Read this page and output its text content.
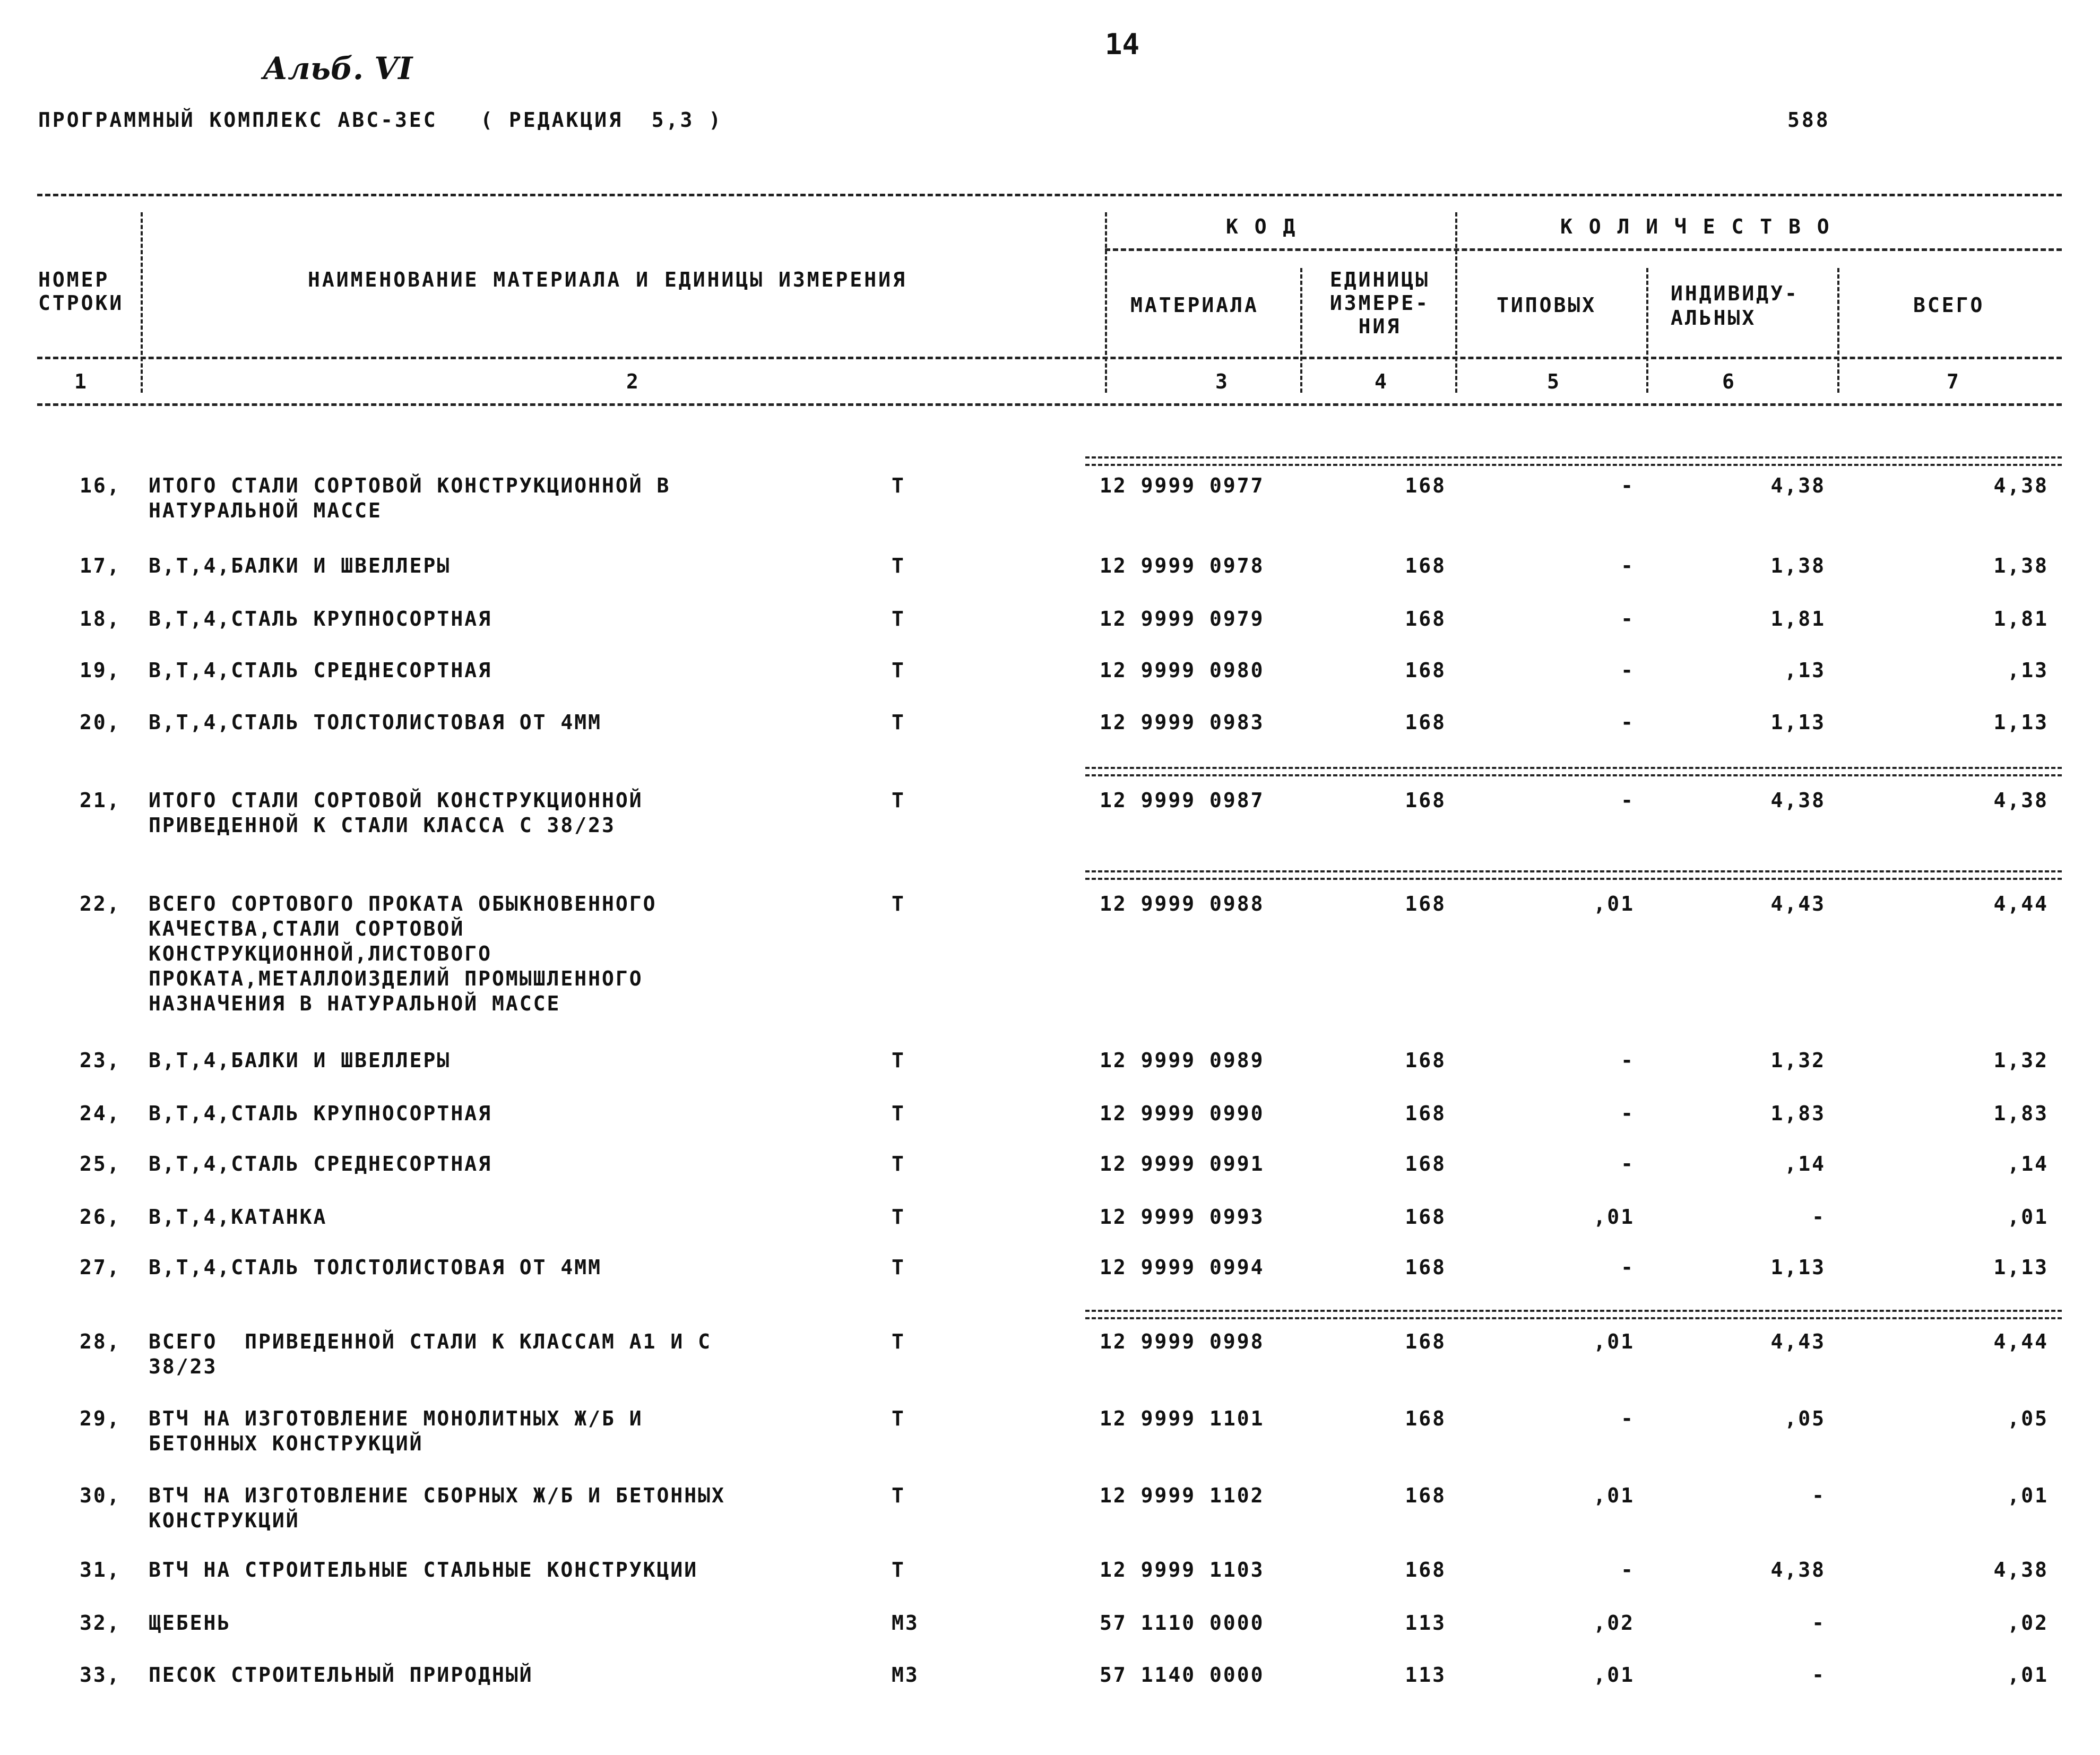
14
Альб. VI
ПРОГРАММНЫЙ КОМПЛЕКС АВС-ЗЕС   ( РЕДАКЦИЯ  5,3 )	588
НОМЕР
СТРОКИ
НАИМЕНОВАНИЕ МАТЕРИАЛА И ЕДИНИЦЫ ИЗМЕРЕНИЯ
К О Д
МАТЕРИАЛА
ЕДИНИЦЫ
ИЗМЕРЕ-
НИЯ
К О Л И Ч Е С Т В О
ТИПОВЫХ	ИНДИВИДУ-
АЛЬНЫХ
ВСЕГО
1	2	3	4	5	6	7
16, ИТОГО СТАЛИ СОРТОВОЙ КОНСТРУКЦИОННОЙ В
НАТУРАЛЬНОЙ МАССЕ
Т	12 9999 0977	168	-	4,38	4,38
17, В,Т,4,БАЛКИ И ШВЕЛЛЕРЫ	Т	12 9999 0978	168	-	1,38	1,38
18, В,Т,4,СТАЛЬ КРУПНОСОРТНАЯ	Т	12 9999 0979	168	-	1,81	1,81
19, В,Т,4,СТАЛЬ СРЕДНЕСОРТНАЯ	Т	12 9999 0980	168	-	,13	,13
20, В,Т,4,СТАЛЬ ТОЛСТОЛИСТОВАЯ ОТ 4ММ	Т	12 9999 0983	168	-	1,13	1,13
21, ИТОГО СТАЛИ СОРТОВОЙ КОНСТРУКЦИОННОЙ
ПРИВЕДЕННОЙ К СТАЛИ КЛАССА С 38/23
Т	12 9999 0987	168	-	4,38	4,38
22, ВСЕГО СОРТОВОГО ПРОКАТА ОБЫКНОВЕННОГО
КАЧЕСТВА,СТАЛИ СОРТОВОЙ
КОНСТРУКЦИОННОЙ,ЛИСТОВОГО
ПРОКАТА,МЕТАЛЛОИЗДЕЛИЙ ПРОМЫШЛЕННОГО
НАЗНАЧЕНИЯ В НАТУРАЛЬНОЙ МАССЕ
Т	12 9999 0988	168	,01	4,43	4,44
23, В,Т,4,БАЛКИ И ШВЕЛЛЕРЫ	Т	12 9999 0989	168	-	1,32	1,32
24, В,Т,4,СТАЛЬ КРУПНОСОРТНАЯ	Т	12 9999 0990	168	-	1,83	1,83
25, В,Т,4,СТАЛЬ СРЕДНЕСОРТНАЯ	Т	12 9999 0991	168	-	,14	,14
26, В,Т,4,КАТАНКА	Т	12 9999 0993	168	,01	-	,01
27, В,Т,4,СТАЛЬ ТОЛСТОЛИСТОВАЯ ОТ 4ММ	Т	12 9999 0994	168	-	1,13	1,13
28, ВСЕГО  ПРИВЕДЕННОЙ СТАЛИ К КЛАССАМ А1 И С
38/23
Т	12 9999 0998	168	,01	4,43	4,44
29, ВТЧ НА ИЗГОТОВЛЕНИЕ МОНОЛИТНЫХ Ж/Б И
БЕТОННЫХ КОНСТРУКЦИЙ
Т	12 9999 1101	168	-	,05	,05
30, ВТЧ НА ИЗГОТОВЛЕНИЕ СБОРНЫХ Ж/Б И БЕТОННЫХ
КОНСТРУКЦИЙ
Т	12 9999 1102	168	,01	-	,01
31, ВТЧ НА СТРОИТЕЛЬНЫЕ СТАЛЬНЫЕ КОНСТРУКЦИИ	Т	12 9999 1103	168	-	4,38	4,38
32, ЩЕБЕНЬ	М3	57 1110 0000	113	,02	-	,02
33, ПЕСОК СТРОИТЕЛЬНЫЙ ПРИРОДНЫЙ	М3	57 1140 0000	113	,01	-	,01
